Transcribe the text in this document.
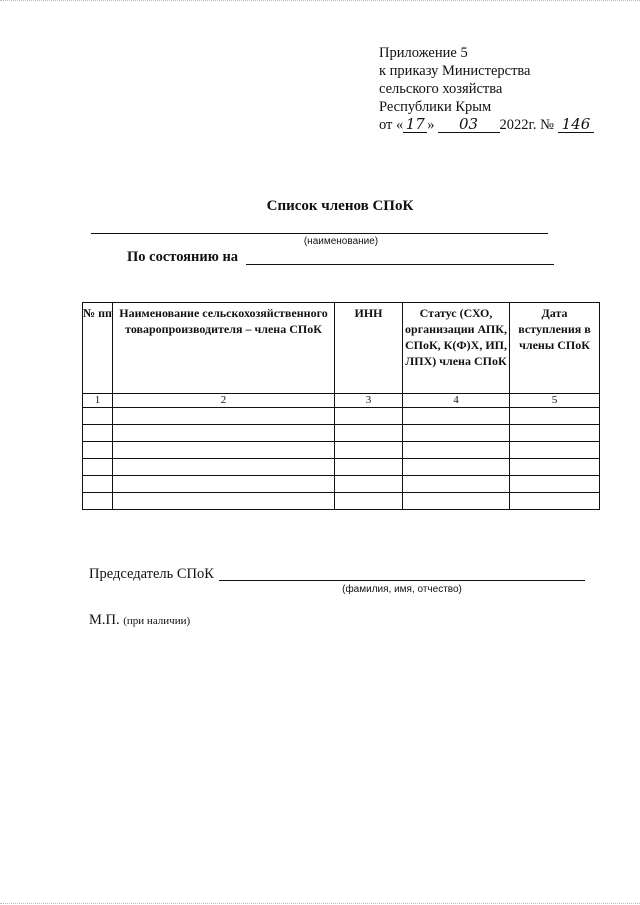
Приложение 5
к приказу Министерства
сельского хозяйства
Республики Крым
от « 17 » 03 2022г. № 146
Список членов СПоК
(наименование)
По состоянию на
№ пп	Наименование сельскохозяйственного товаропроизводителя – члена СПоК	ИНН	Статус (СХО, организации АПК, СПоК, К(Ф)Х, ИП, ЛПХ) члена СПоК	Дата вступления в члены СПоК
1	2	3	4	5

Председатель СПоК
(фамилия, имя, отчество)
М.П. (при наличии)
